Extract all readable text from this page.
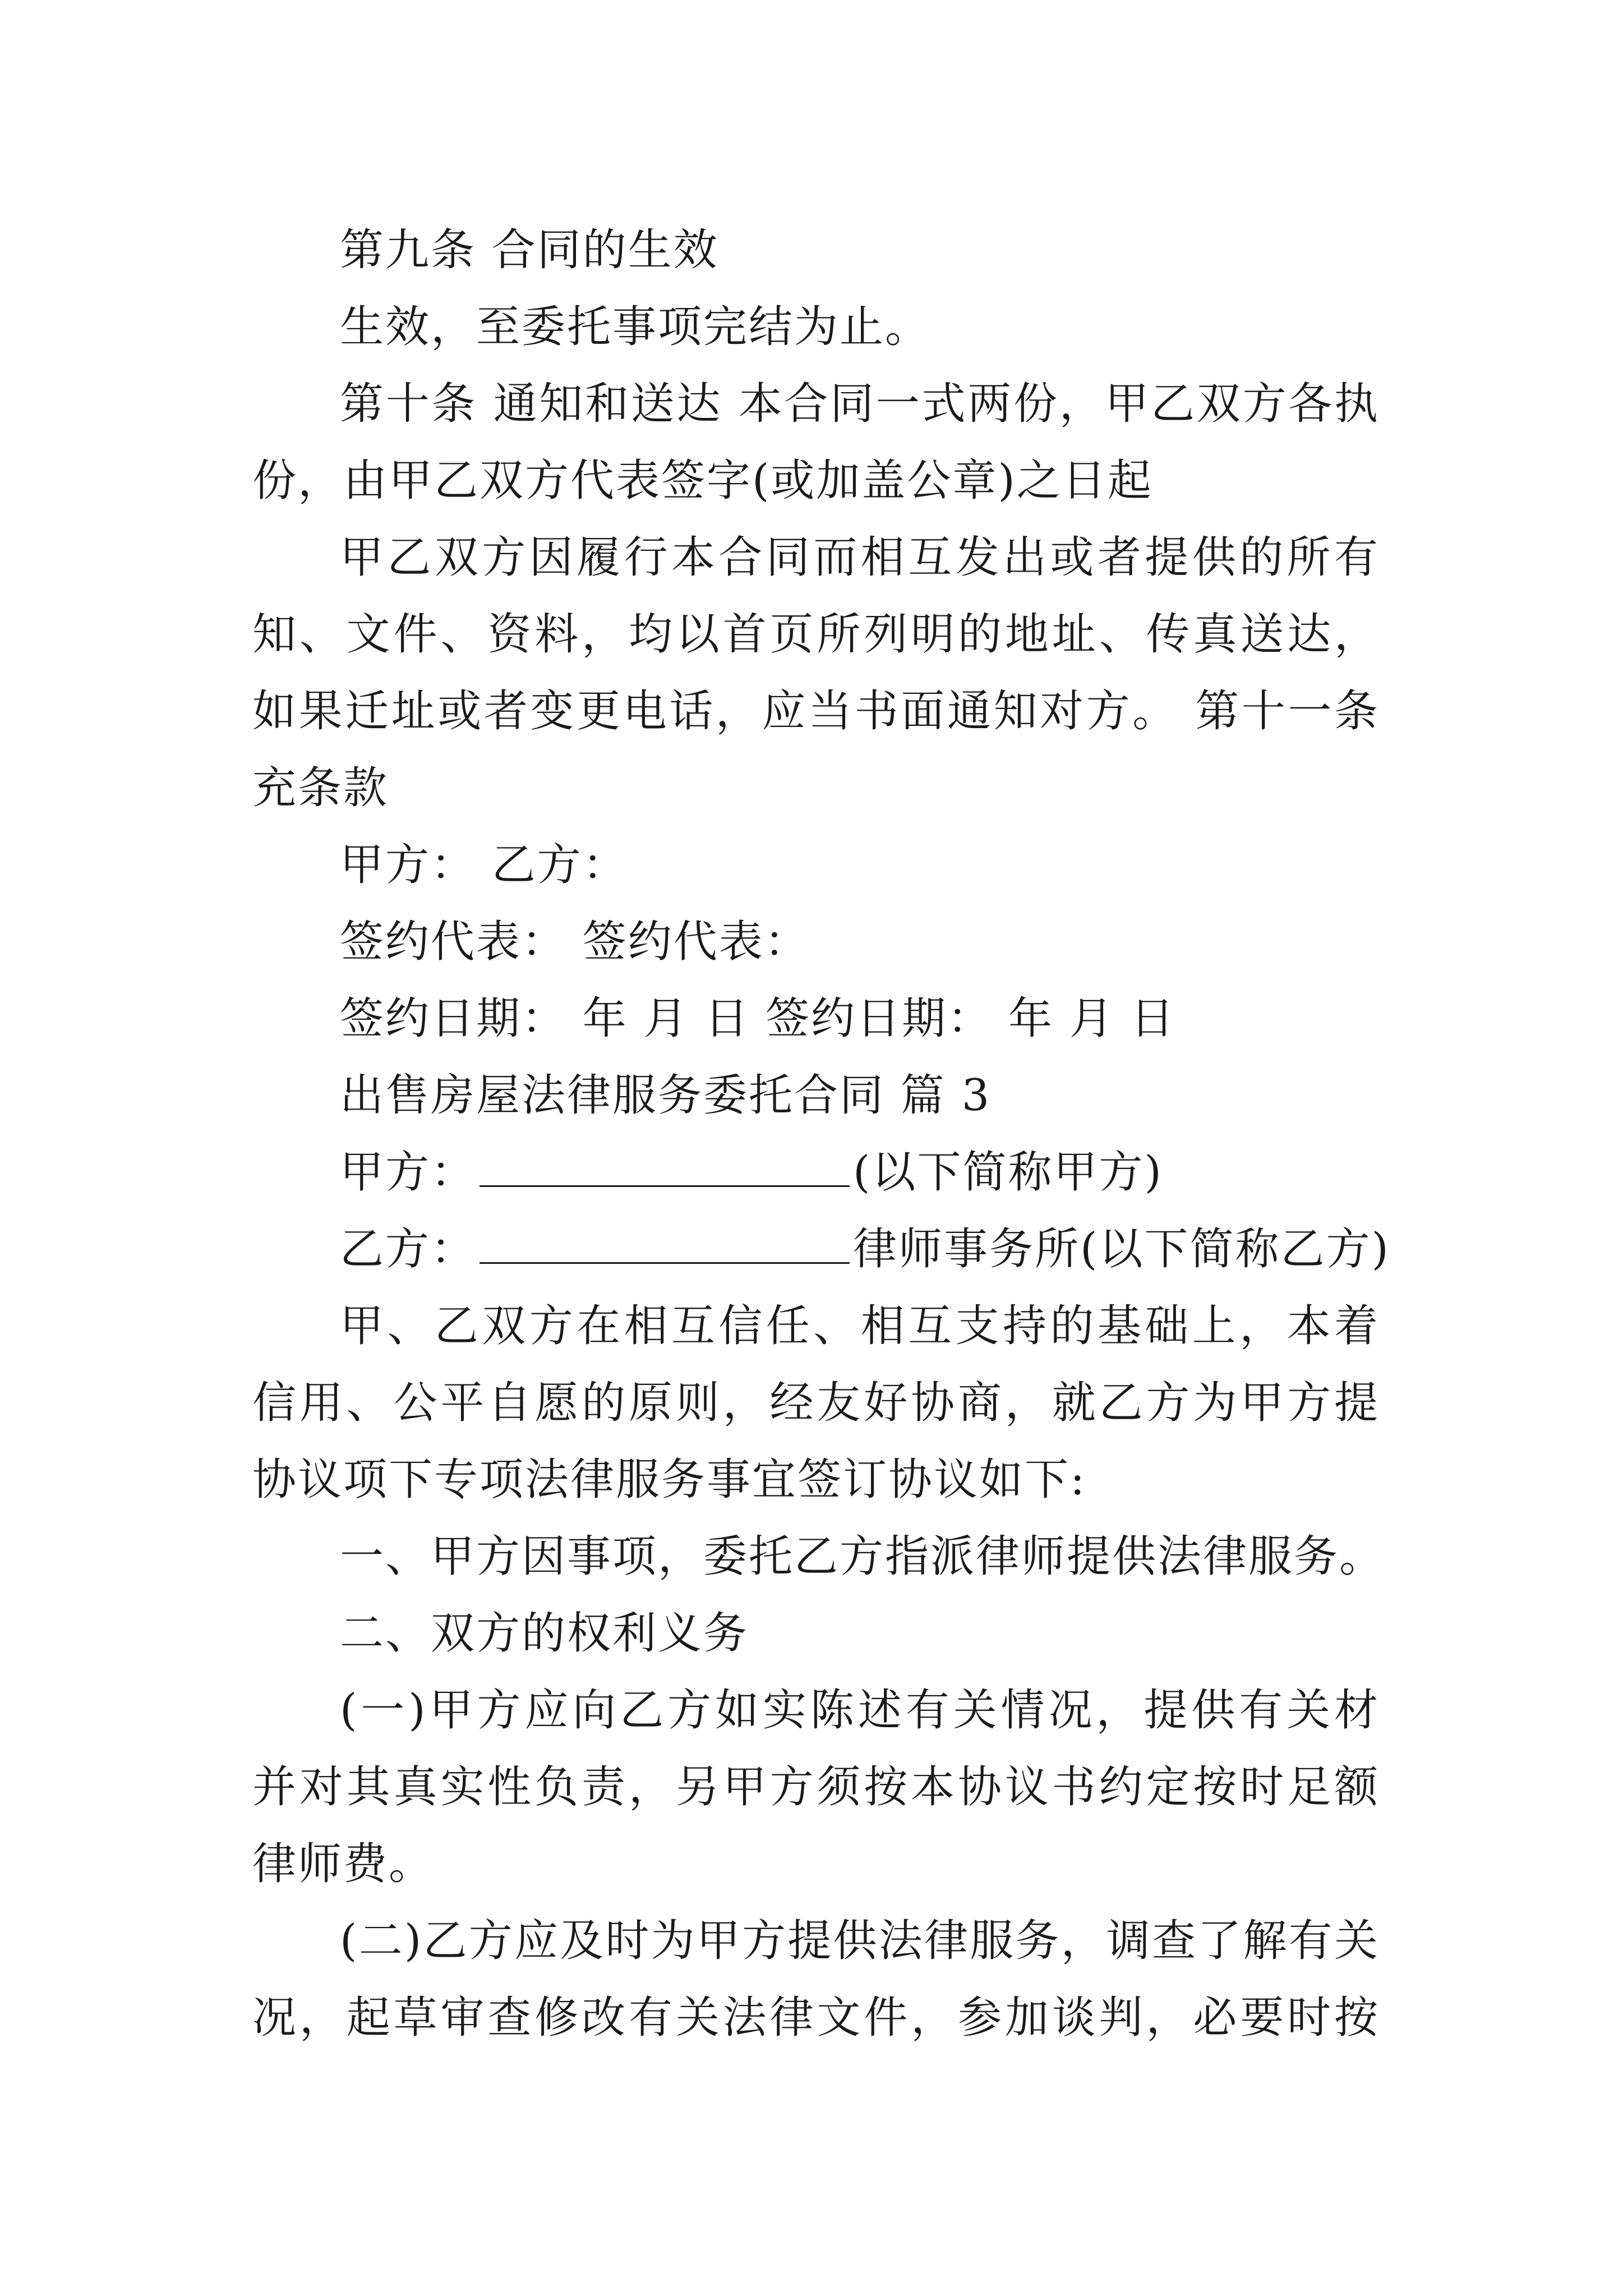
第九条 合同的生效
生效，至委托事项完结为止。
第十条 通知和送达 本合同一式两份，甲乙双方各执
份，由甲乙双方代表签字(或加盖公章)之日起
甲乙双方因履行本合同而相互发出或者提供的所有
知、文件、资料，均以首页所列明的地址、传真送达，
如果迁址或者变更电话，应当书面通知对方。 第十一条
充条款
甲方： 乙方：
签约代表： 签约代表：
签约日期： 年 月 日 签约日期： 年 月 日
出售房屋法律服务委托合同 篇 3
甲方：	(以下简称甲方)
乙方：	律师事务所(以下简称乙方)
甲、乙双方在相互信任、相互支持的基础上，本着
信用、公平自愿的原则，经友好协商，就乙方为甲方提
协议项下专项法律服务事宜签订协议如下:
一、甲方因事项，委托乙方指派律师提供法律服务。
二、双方的权利义务
(一)甲方应向乙方如实陈述有关情况，提供有关材
并对其真实性负责，另甲方须按本协议书约定按时足额
律师费。
(二)乙方应及时为甲方提供法律服务，调查了解有关
况，起草审查修改有关法律文件，参加谈判，必要时按
